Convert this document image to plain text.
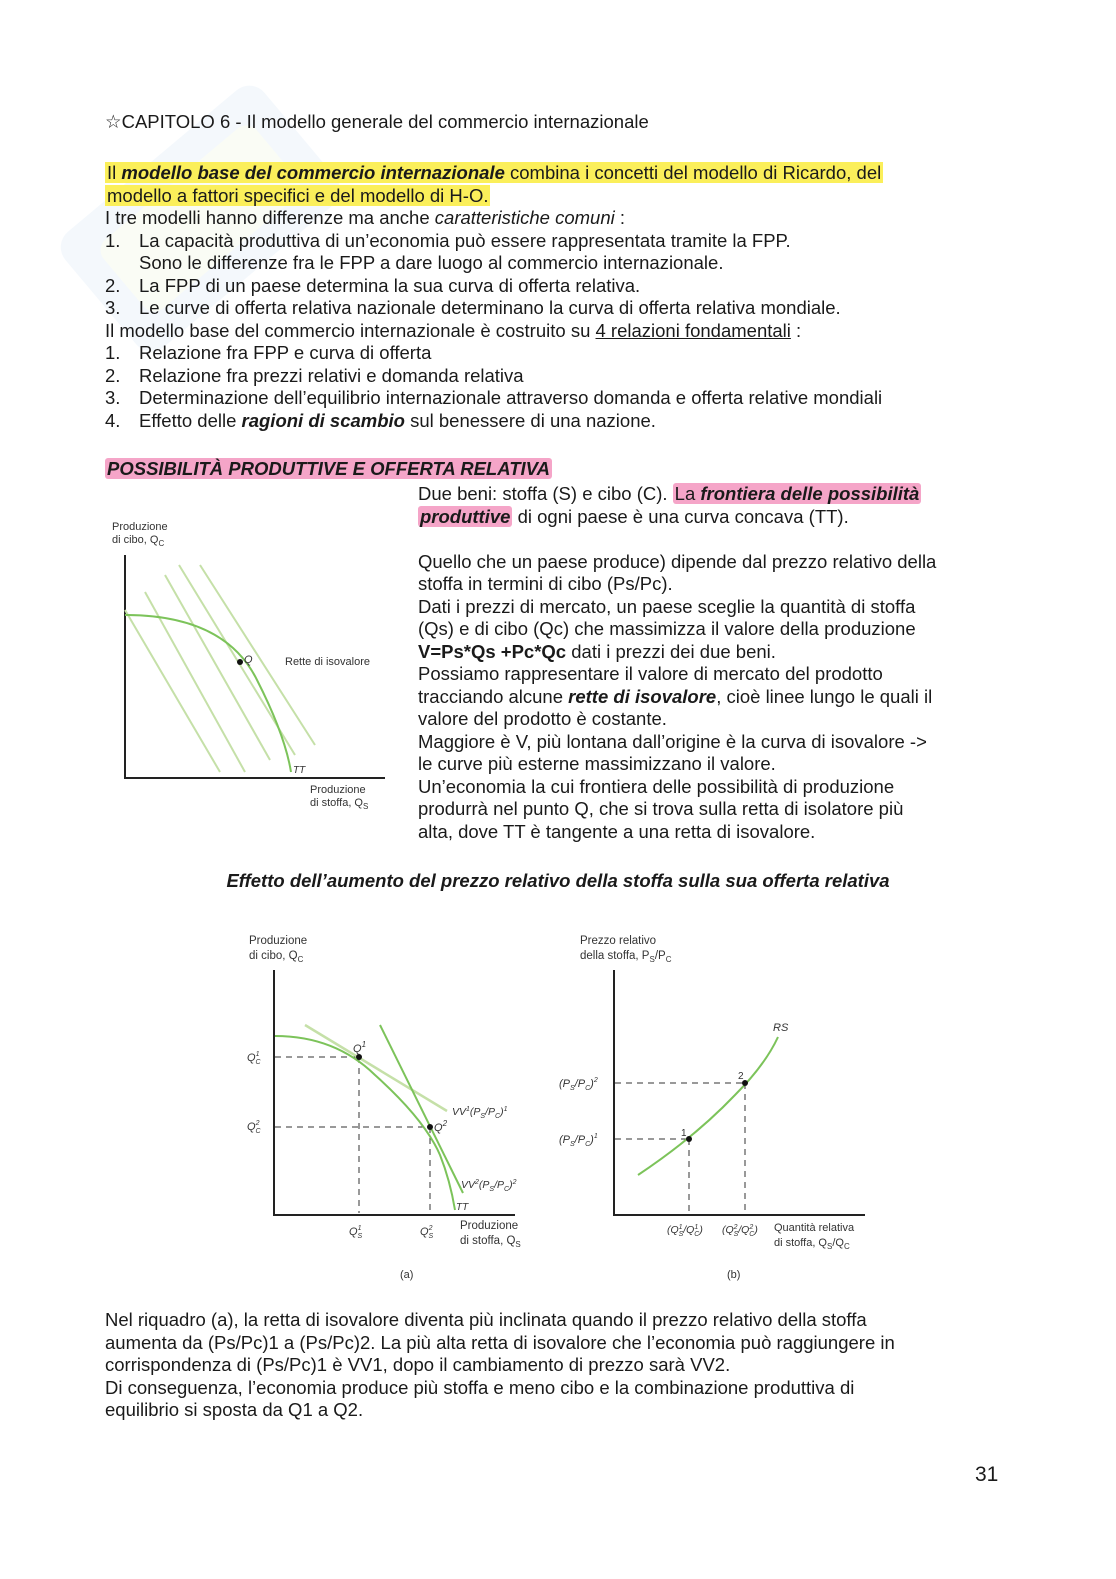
☆CAPITOLO 6 - Il modello generale del commercio internazionale
Il modello base del commercio internazionale combina i concetti del modello di Ricardo, del
modello a fattori specifici e del modello di H-O.
I tre modelli hanno differenze ma anche caratteristiche comuni :
1. La capacità produttiva di un’economia può essere rappresentata tramite la FPP.
Sono le differenze fra le FPP a dare luogo al commercio internazionale.
2. La FPP di un paese determina la sua curva di offerta relativa.
3. Le curve di offerta relativa nazionale determinano la curva di offerta relativa mondiale.
Il modello base del commercio internazionale è costruito su 4 relazioni fondamentali :
1. Relazione fra FPP e curva di offerta
2. Relazione fra prezzi relativi e domanda relativa
3. Determinazione dell’equilibrio internazionale attraverso domanda e offerta relative mondiali
4. Effetto delle ragioni di scambio sul benessere di una nazione.
POSSIBILITÀ PRODUTTIVE E OFFERTA RELATIVA
Due beni: stoffa (S) e cibo (C). La frontiera delle possibilità
produttive di ogni paese è una curva concava (TT).
Quello che un paese produce) dipende dal prezzo relativo della
stoffa in termini di cibo (Ps/Pc).
Dati i prezzi di mercato, un paese sceglie la quantità di stoffa
(Qs) e di cibo (Qc) che massimizza il valore della produzione
V=Ps*Qs +Pc*Qc dati i prezzi dei due beni.
Possiamo rappresentare il valore di mercato del prodotto
tracciando alcune rette di isovalore, cioè linee lungo le quali il
valore del prodotto è costante.
Maggiore è V, più lontana dall’origine è la curva di isovalore ->
le curve più esterne massimizzano il valore.
Un’economia la cui frontiera delle possibilità di produzione
produrrà nel punto Q, che si trova sulla retta di isolatore più
alta, dove TT è tangente a una retta di isovalore.
Produzione
di cibo, $Q_C$
Q	Rette di isovalore
TT
Produzione
di stoffa, $Q_S$
Effetto dell’aumento del prezzo relativo della stoffa sulla sua offerta relativa
Produzione
di cibo, $Q_C$
$Q^1$
$Q^2$
$Q^1$ C
$Q^2$ C
$VV^1(P_S/P_C)^1$
$VV^2(P_S/P_C)^2$
TT
$Q^1$ S	$Q^2$ S
Produzione
di stoffa, $Q_S$
(a)
Prezzo relativo
della stoffa, $P_S/P_C$
1
2
RS
$(P_S/P_C)^2$
$(P_S/P_C)^1$
($Q^1$ $S/Q^1$ C) ($Q^2$ $S/Q^2$ C) Quantità relativa
di stoffa, $Q_S/Q_C$
(b)
Nel riquadro (a), la retta di isovalore diventa più inclinata quando il prezzo relativo della stoffa
aumenta da (Ps/Pc)1 a (Ps/Pc)2. La più alta retta di isovalore che l’economia può raggiungere in
corrispondenza di (Ps/Pc)1 è VV1, dopo il cambiamento di prezzo sarà VV2.
Di conseguenza, l’economia produce più stoffa e meno cibo e la combinazione produttiva di
equilibrio si sposta da Q1 a Q2.
31
